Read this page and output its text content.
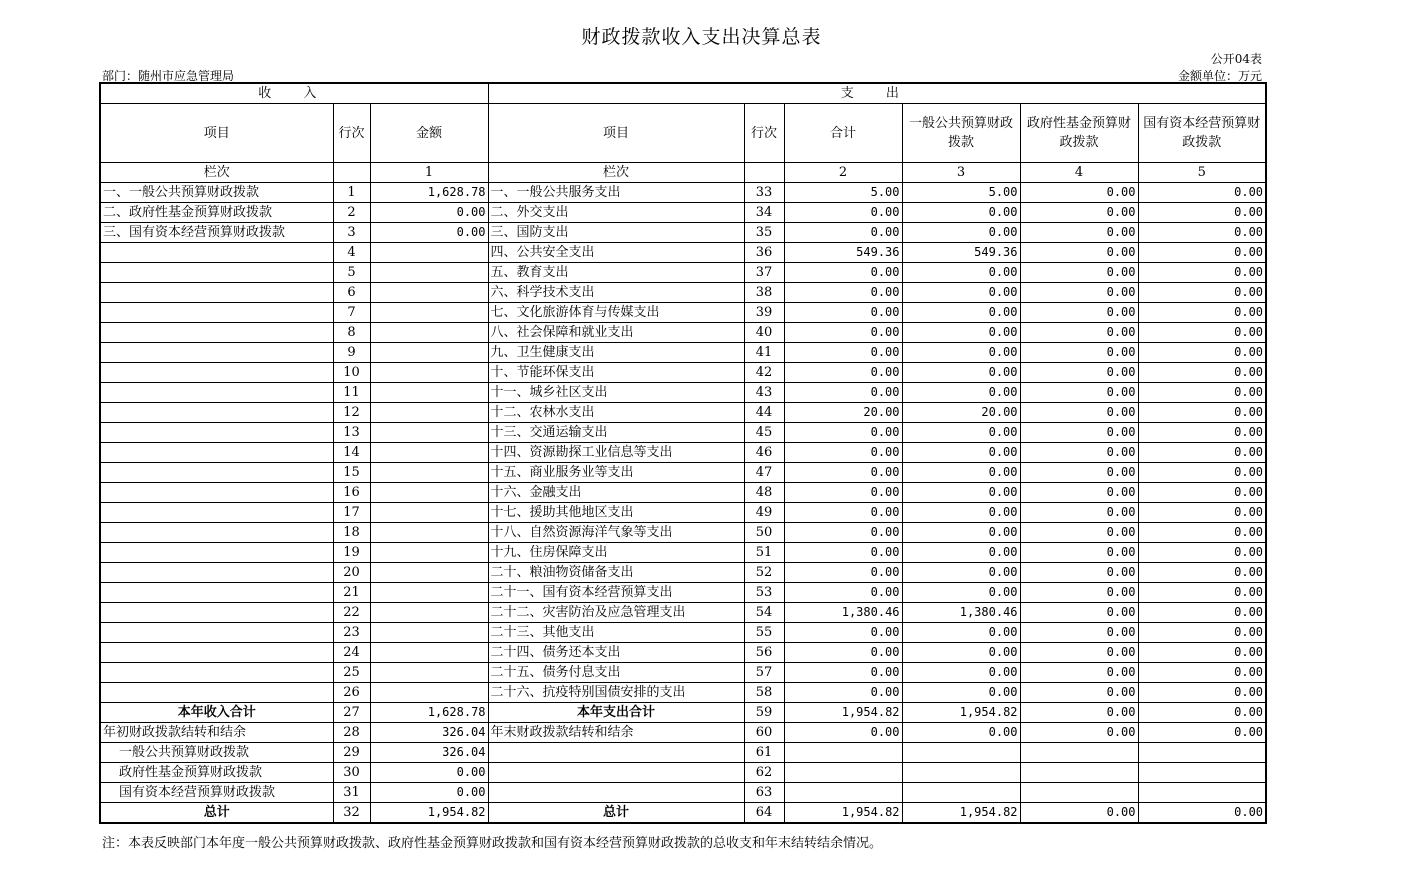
财政拨款收入支出决算总表
公开04表
部门：随州市应急管理局	金额单位：万元
收 入			支 出					
项目	行次	金额	项目	行次	合计	一般公共预算财政拨款	政府性基金预算财政拨款	国有资本经营预算财政拨款
栏次		1	栏次		2	3	4	5
一、一般公共预算财政拨款	1	1,628.78	一、一般公共服务支出	33	5.00	5.00	0.00	0.00
二、政府性基金预算财政拨款	2	0.00	二、外交支出	34	0.00	0.00	0.00	0.00
三、国有资本经营预算财政拨款	3	0.00	三、国防支出	35	0.00	0.00	0.00	0.00
	4		四、公共安全支出	36	549.36	549.36	0.00	0.00
	5		五、教育支出	37	0.00	0.00	0.00	0.00
	6		六、科学技术支出	38	0.00	0.00	0.00	0.00
	7		七、文化旅游体育与传媒支出	39	0.00	0.00	0.00	0.00
	8		八、社会保障和就业支出	40	0.00	0.00	0.00	0.00
	9		九、卫生健康支出	41	0.00	0.00	0.00	0.00
	10		十、节能环保支出	42	0.00	0.00	0.00	0.00
	11		十一、城乡社区支出	43	0.00	0.00	0.00	0.00
	12		十二、农林水支出	44	20.00	20.00	0.00	0.00
	13		十三、交通运输支出	45	0.00	0.00	0.00	0.00
	14		十四、资源勘探工业信息等支出	46	0.00	0.00	0.00	0.00
	15		十五、商业服务业等支出	47	0.00	0.00	0.00	0.00
	16		十六、金融支出	48	0.00	0.00	0.00	0.00
	17		十七、援助其他地区支出	49	0.00	0.00	0.00	0.00
	18		十八、自然资源海洋气象等支出	50	0.00	0.00	0.00	0.00
	19		十九、住房保障支出	51	0.00	0.00	0.00	0.00
	20		二十、粮油物资储备支出	52	0.00	0.00	0.00	0.00
	21		二十一、国有资本经营预算支出	53	0.00	0.00	0.00	0.00
	22		二十二、灾害防治及应急管理支出	54	1,380.46	1,380.46	0.00	0.00
	23		二十三、其他支出	55	0.00	0.00	0.00	0.00
	24		二十四、债务还本支出	56	0.00	0.00	0.00	0.00
	25		二十五、债务付息支出	57	0.00	0.00	0.00	0.00
	26		二十六、抗疫特别国债安排的支出	58	0.00	0.00	0.00	0.00
本年收入合计	27	1,628.78	本年支出合计	59	1,954.82	1,954.82	0.00	0.00
年初财政拨款结转和结余	28	326.04	年末财政拨款结转和结余	60	0.00	0.00	0.00	0.00
一般公共预算财政拨款	29	326.04		61				
政府性基金预算财政拨款	30	0.00		62				
国有资本经营预算财政拨款	31	0.00		63				
总计	32	1,954.82	总计	64	1,954.82	1,954.82	0.00	0.00
注：本表反映部门本年度一般公共预算财政拨款、政府性基金预算财政拨款和国有资本经营预算财政拨款的总收支和年末结转结余情况。
